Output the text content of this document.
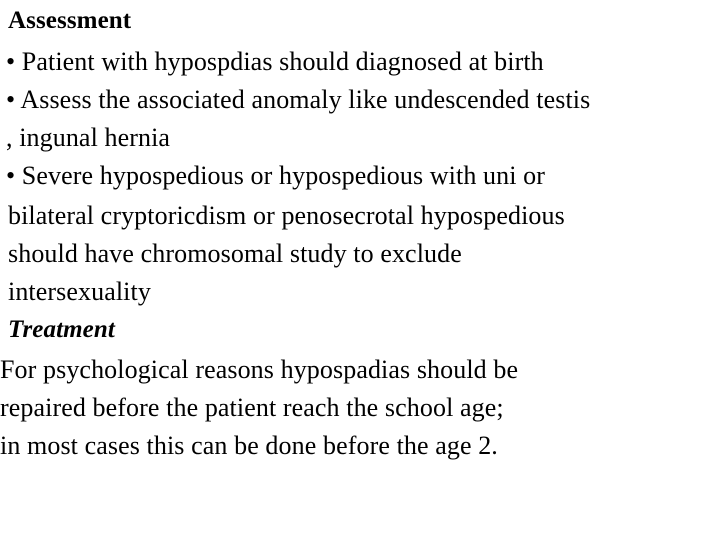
Assessment
• Patient with hypospdias should diagnosed at birth
• Assess the associated anomaly like undescended testis
, ingunal hernia
• Severe hypospedious or hypospedious with uni or
bilateral cryptoricdism or penosecrotal hypospedious
should have chromosomal study to exclude
intersexuality
Treatment
For psychological reasons hypospadias should be
repaired before the patient reach the school age;
in most cases this can be done before the age 2.
